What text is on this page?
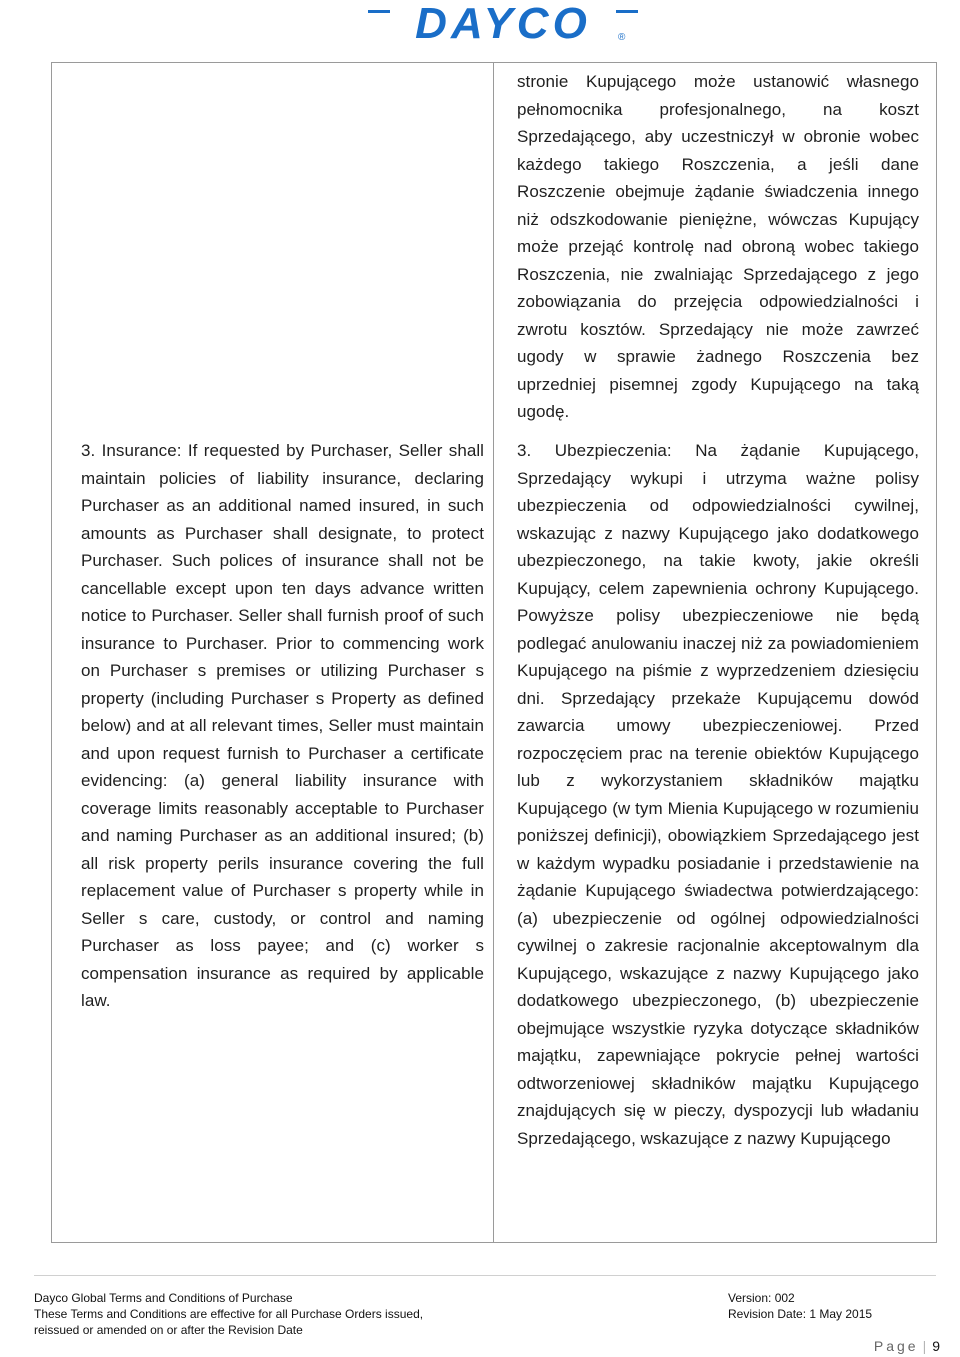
DAYCO	®

3. Insurance: If requested by Purchaser, Seller shall maintain policies of liability insurance, declaring Purchaser as an additional named insured, in such amounts as Purchaser shall designate, to protect Purchaser. Such polices of insurance shall not be cancellable except upon ten days advance written notice to Purchaser. Seller shall furnish proof of such insurance to Purchaser. Prior to commencing work on Purchaser s premises or utilizing Purchaser s property (including Purchaser s Property as defined below) and at all relevant times, Seller must maintain and upon request furnish to Purchaser a certificate evidencing: (a) general liability insurance with coverage limits reasonably acceptable to Purchaser and naming Purchaser as an additional insured; (b) all risk property perils insurance covering the full replacement value of Purchaser s property while in Seller s care, custody, or control and naming Purchaser as loss payee; and (c) worker s compensation insurance as required by applicable law.

stronie Kupującego może ustanowić własnego pełnomocnika profesjonalnego, na koszt Sprzedającego, aby uczestniczył w obronie wobec każdego takiego Roszczenia, a jeśli dane Roszczenie obejmuje żądanie świadczenia innego niż odszkodowanie pieniężne, wówczas Kupujący może przejąć kontrolę nad obroną wobec takiego Roszczenia, nie zwalniając Sprzedającego z jego zobowiązania do przejęcia odpowiedzialności i zwrotu kosztów. Sprzedający nie może zawrzeć ugody w sprawie żadnego Roszczenia bez uprzedniej pisemnej zgody Kupującego na taką ugodę.

3. Ubezpieczenia: Na żądanie Kupującego, Sprzedający wykupi i utrzyma ważne polisy ubezpieczenia od odpowiedzialności cywilnej, wskazując z nazwy Kupującego jako dodatkowego ubezpieczonego, na takie kwoty, jakie określi Kupujący, celem zapewnienia ochrony Kupującego. Powyższe polisy ubezpieczeniowe nie będą podlegać anulowaniu inaczej niż za powiadomieniem Kupującego na piśmie z wyprzedzeniem dziesięciu dni. Sprzedający przekaże Kupującemu dowód zawarcia umowy ubezpieczeniowej. Przed rozpoczęciem prac na terenie obiektów Kupującego lub z wykorzystaniem składników majątku Kupującego (w tym Mienia Kupującego w rozumieniu poniższej definicji), obowiązkiem Sprzedającego jest w każdym wypadku posiadanie i przedstawienie na żądanie Kupującego świadectwa potwierdzającego: (a) ubezpieczenie od ogólnej odpowiedzialności cywilnej o zakresie racjonalnie akceptowalnym dla Kupującego, wskazujące z nazwy Kupującego jako dodatkowego ubezpieczonego, (b) ubezpieczenie obejmujące wszystkie ryzyka dotyczące składników majątku, zapewniające pokrycie pełnej wartości odtworzeniowej składników majątku Kupującego znajdujących się w pieczy, dyspozycji lub władaniu Sprzedającego, wskazujące z nazwy Kupującego

Dayco Global Terms and Conditions of Purchase
These Terms and Conditions are effective for all Purchase Orders issued,
reissued or amended on or after the Revision Date
Version: 002
Revision Date: 1 May 2015
Page | 9
